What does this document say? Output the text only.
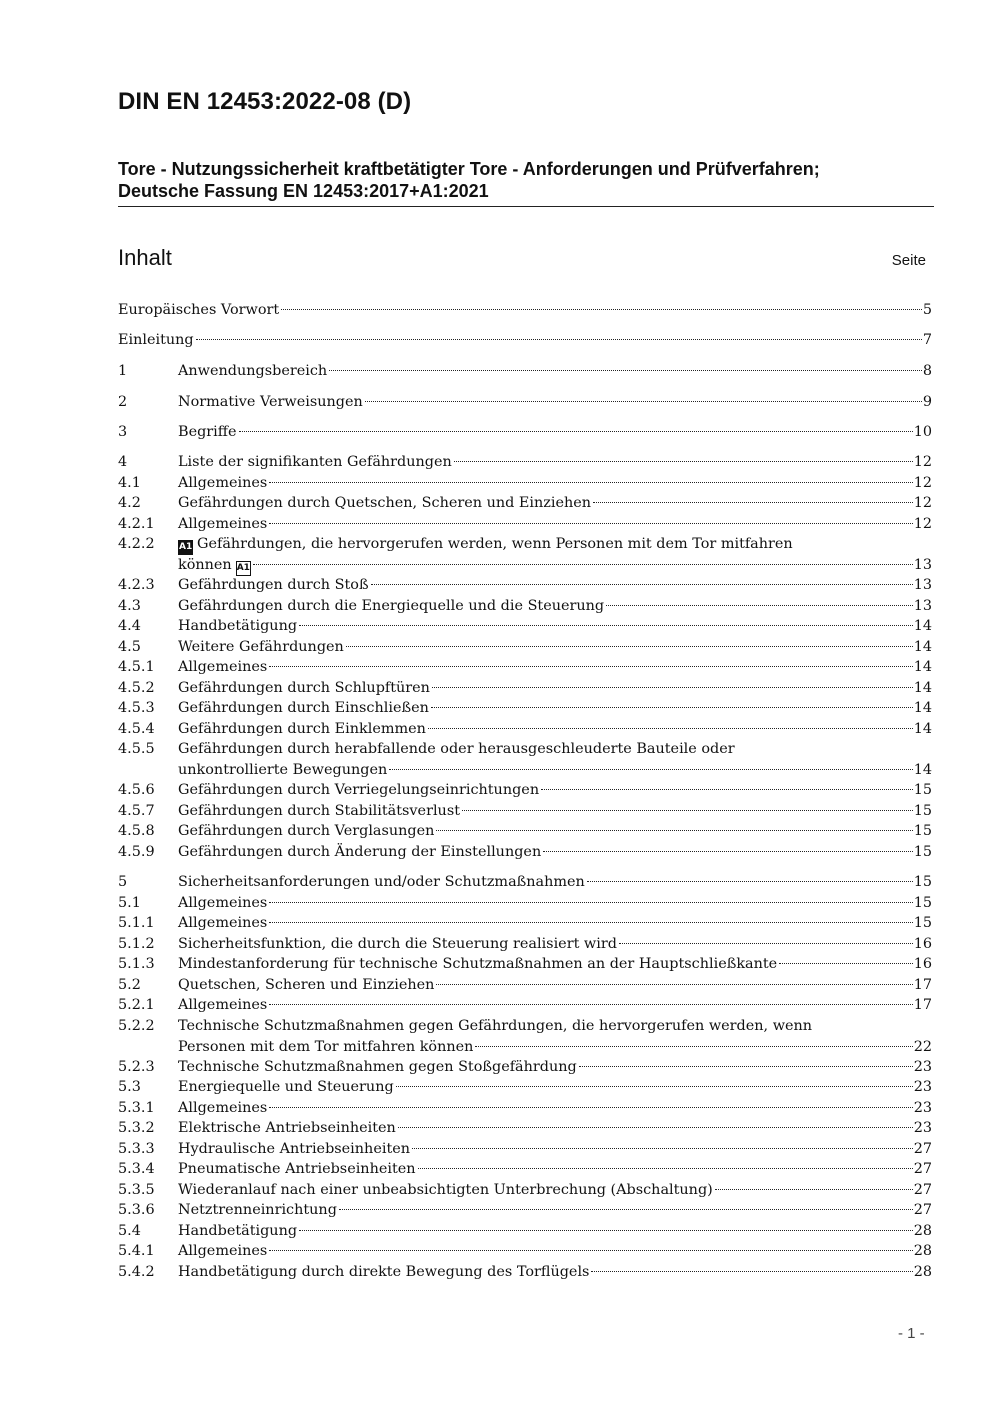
DIN EN 12453:2022-08 (D)
Tore - Nutzungssicherheit kraftbetätigter Tore - Anforderungen und Prüfverfahren;
Deutsche Fassung EN 12453:2017+A1:2021
Inhalt	Seite
Europäisches Vorwort	5
Einleitung	7
1	Anwendungsbereich	8
2	Normative Verweisungen	9
3	Begriffe	10
4	Liste der signifikanten Gefährdungen	12
4.1	Allgemeines	12
4.2	Gefährdungen durch Quetschen, Scheren und Einziehen	12
4.2.1 Allgemeines	12
4.2.2	A1 Gefährdungen, die hervorgerufen werden, wenn Personen mit dem Tor mitfahren
können A1	13
4.2.3 Gefährdungen durch Stoß	13
4.3	Gefährdungen durch die Energiequelle und die Steuerung	13
4.4	Handbetätigung	14
4.5	Weitere Gefährdungen	14
4.5.1 Allgemeines	14
4.5.2 Gefährdungen durch Schlupftüren	14
4.5.3 Gefährdungen durch Einschließen	14
4.5.4 Gefährdungen durch Einklemmen	14
4.5.5 Gefährdungen durch herabfallende oder herausgeschleuderte Bauteile oder
unkontrollierte Bewegungen	14
4.5.6 Gefährdungen durch Verriegelungseinrichtungen	15
4.5.7 Gefährdungen durch Stabilitätsverlust	15
4.5.8 Gefährdungen durch Verglasungen	15
4.5.9 Gefährdungen durch Änderung der Einstellungen	15
5	Sicherheitsanforderungen und/oder Schutzmaßnahmen	15
5.1	Allgemeines	15
5.1.1 Allgemeines	15
5.1.2 Sicherheitsfunktion, die durch die Steuerung realisiert wird	16
5.1.3 Mindestanforderung für technische Schutzmaßnahmen an der Hauptschließkante	16
5.2	Quetschen, Scheren und Einziehen	17
5.2.1 Allgemeines	17
5.2.2 Technische Schutzmaßnahmen gegen Gefährdungen, die hervorgerufen werden, wenn
Personen mit dem Tor mitfahren können	22
5.2.3 Technische Schutzmaßnahmen gegen Stoßgefährdung	23
5.3	Energiequelle und Steuerung	23
5.3.1 Allgemeines	23
5.3.2 Elektrische Antriebseinheiten	23
5.3.3 Hydraulische Antriebseinheiten	27
5.3.4 Pneumatische Antriebseinheiten	27
5.3.5 Wiederanlauf nach einer unbeabsichtigten Unterbrechung (Abschaltung)	27
5.3.6 Netztrenneinrichtung	27
5.4	Handbetätigung	28
5.4.1 Allgemeines	28
5.4.2 Handbetätigung durch direkte Bewegung des Torflügels	28
- 1 -
